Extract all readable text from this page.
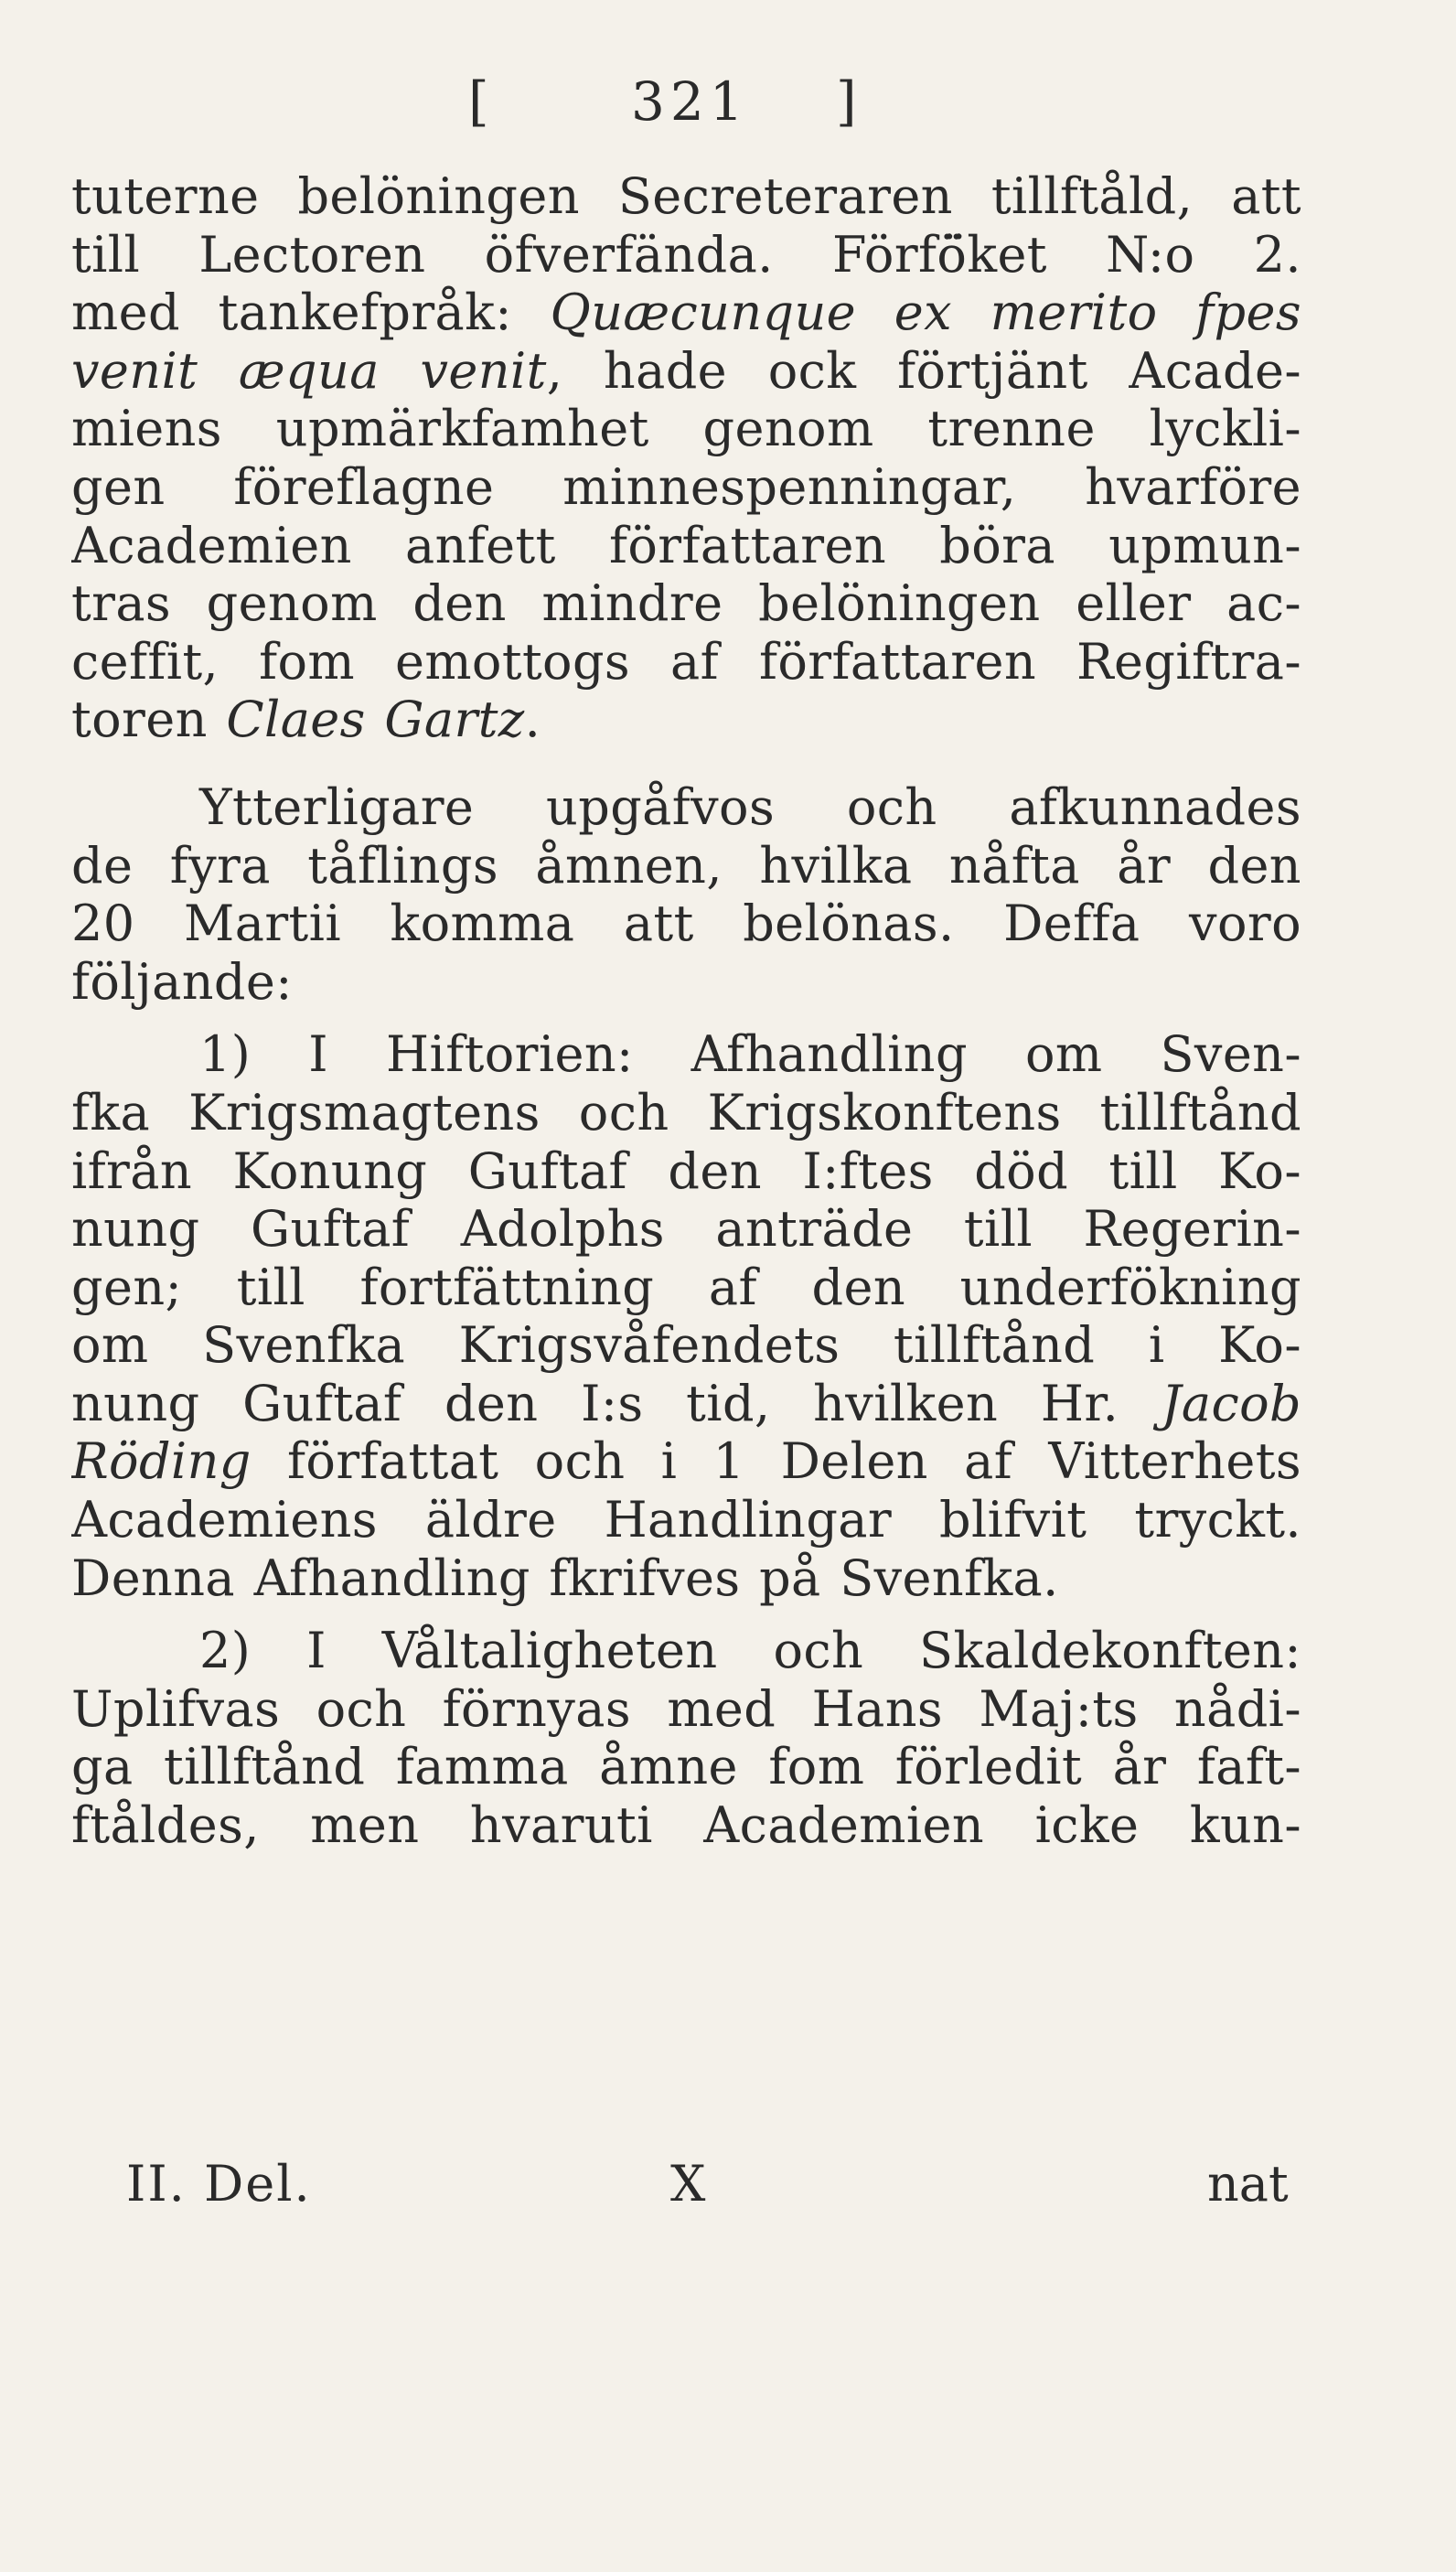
[	321 ]
tuterne belöningen Secreteraren tillftåld, att
till Lectoren öfverfända. Förfö̈ket N:o 2.
med tankefpråk: Quæcunque ex merito fpes
venit æqua venit, hade ock förtjänt Acade-
miens upmärkfamhet genom trenne lyckli-
gen föreflagne minnespenningar, hvarföre
Academien anfett författaren böra upmun-
tras genom den mindre belöningen eller ac-
ceffit, fom emottogs af författaren Regiftra-
toren Claes Gartz.
Ytterligare upgåfvos och afkunnades
de fyra tåflings åmnen, hvilka nåfta år den
20 Martii komma att belönas. Deffa voro
följande:
1) I Hiftorien: Afhandling om Sven-
fka Krigsmagtens och Krigskonftens tillftånd
ifrån Konung Guftaf den I:ftes död till Ko-
nung Guftaf Adolphs anträde till Regerin-
gen; till fortfättning af den underföknіng
om Svenfka Krigsvåfendets tillftånd i Ko-
nung Guftaf den I:s tid, hvilken Hr. Jacob
Röding författat och i 1 Delen af Vitterhets
Academiens äldre Handlingar blifvit tryckt.
Denna Afhandling fkrifves på Svenfka.
2) I Våltaligheten och Skaldekonften:
Uplifvas och förnyas med Hans Maj:ts nådi-
ga tillftånd famma åmne fom förledit år faft-
ftåldes, men hvaruti Academien icke kun-
II. Del.	X	nat
